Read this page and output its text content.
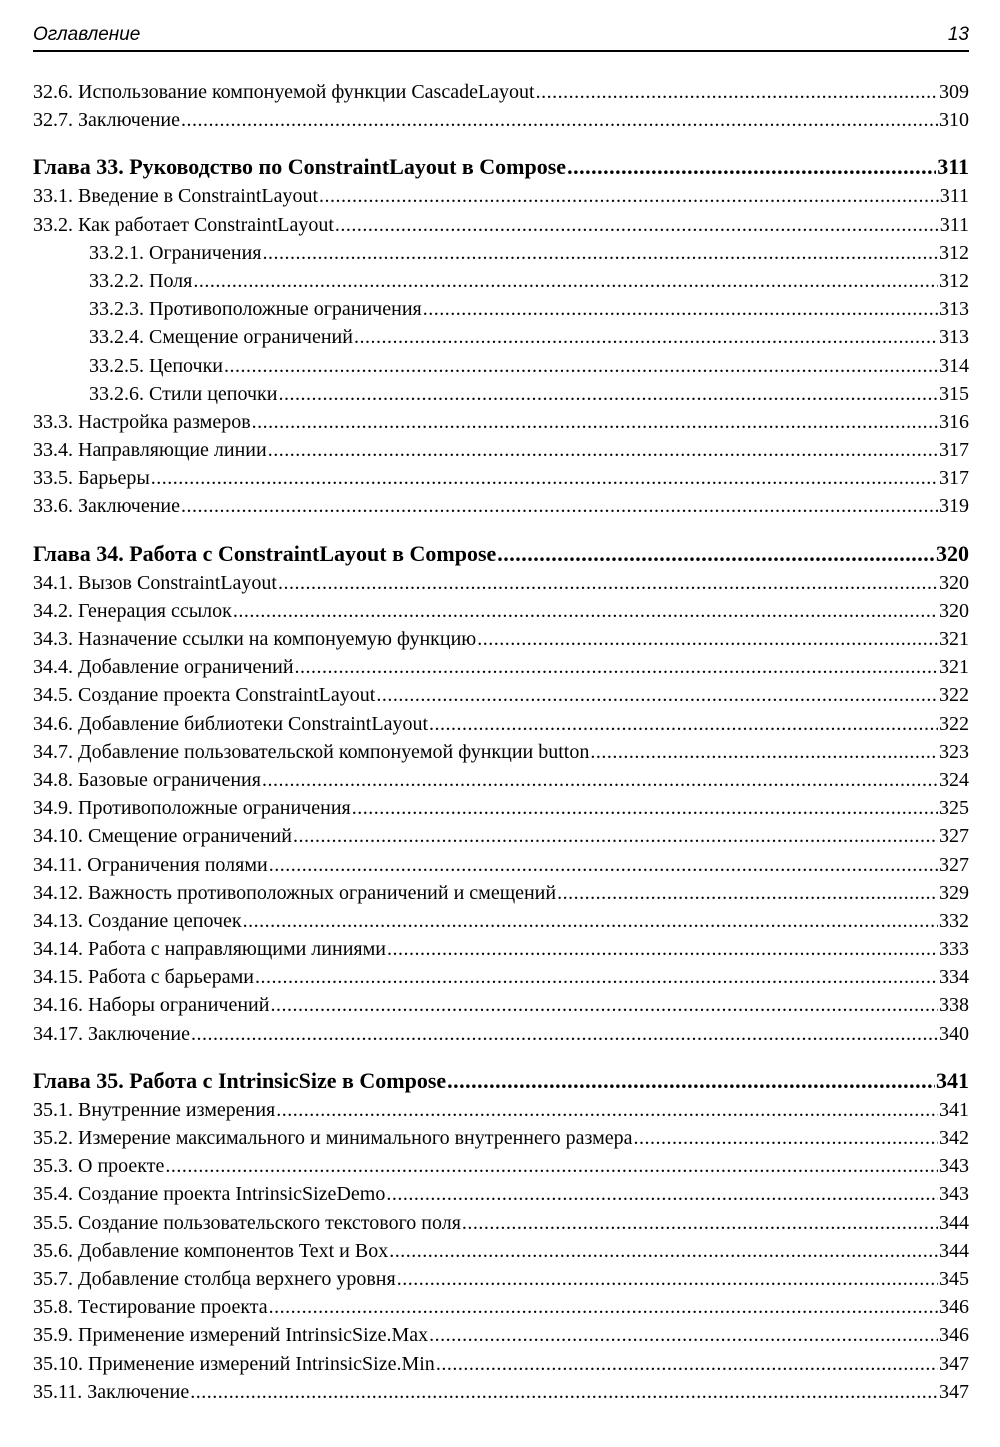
Оглавление	13
32.6. Использование компонуемой функции CascadeLayout .....	309
32.7. Заключение .....	310
Глава 33. Руководство по ConstraintLayout в Compose .....	311
33.1. Введение в ConstraintLayout .....	311
33.2. Как работает ConstraintLayout .....	311
33.2.1. Ограничения .....	312
33.2.2. Поля .....	312
33.2.3. Противоположные ограничения .....	313
33.2.4. Смещение ограничений .....	313
33.2.5. Цепочки .....	314
33.2.6. Стили цепочки .....	315
33.3. Настройка размеров .....	316
33.4. Направляющие линии .....	317
33.5. Барьеры .....	317
33.6. Заключение .....	319
Глава 34. Работа с ConstraintLayout в Compose .....	320
34.1. Вызов ConstraintLayout .....	320
34.2. Генерация ссылок .....	320
34.3. Назначение ссылки на компонуемую функцию .....	321
34.4. Добавление ограничений .....	321
34.5. Создание проекта ConstraintLayout .....	322
34.6. Добавление библиотеки ConstraintLayout .....	322
34.7. Добавление пользовательской компонуемой функции button .....	323
34.8. Базовые ограничения .....	324
34.9. Противоположные ограничения .....	325
34.10. Смещение ограничений .....	327
34.11. Ограничения полями .....	327
34.12. Важность противоположных ограничений и смещений .....	329
34.13. Создание цепочек .....	332
34.14. Работа с направляющими линиями .....	333
34.15. Работа с барьерами .....	334
34.16. Наборы ограничений .....	338
34.17. Заключение .....	340
Глава 35. Работа с IntrinsicSize в Compose .....	341
35.1. Внутренние измерения .....	341
35.2. Измерение максимального и минимального внутреннего размера .....	342
35.3. О проекте .....	343
35.4. Создание проекта IntrinsicSizeDemo .....	343
35.5. Создание пользовательского текстового поля .....	344
35.6. Добавление компонентов Text и Box .....	344
35.7. Добавление столбца верхнего уровня .....	345
35.8. Тестирование проекта .....	346
35.9. Применение измерений IntrinsicSize.Max .....	346
35.10. Применение измерений IntrinsicSize.Min .....	347
35.11. Заключение .....	347
